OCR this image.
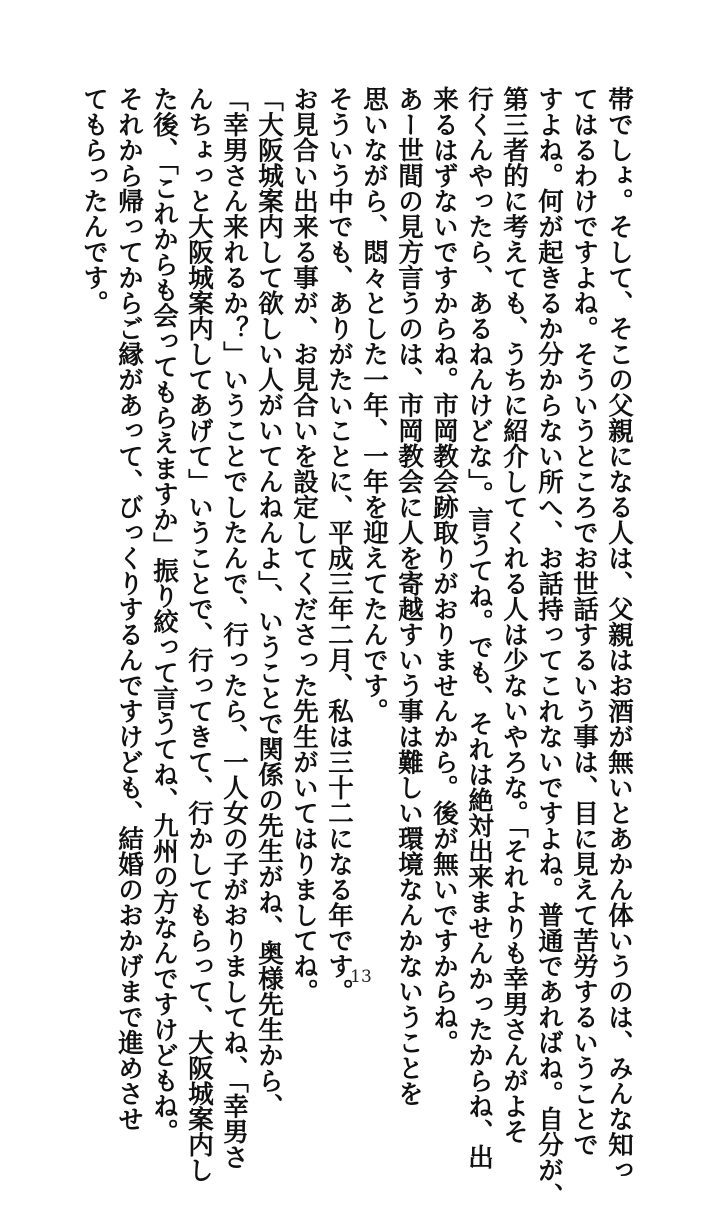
帯でしょ。そして、そこの父親になる人は、父親はお酒が無いとあかん体いうのは、みんな知っ
てはるわけですよね。そういうところでお世話するいう事は、目に見えて苦労するいうことで
すよね。何が起きるか分からない所へ、お話持ってこれないですよね。普通であればね。自分が、
第三者的に考えても、うちに紹介してくれる人は少ないやろな。「それよりも幸男さんがよそ
行くんやったら、あるねんけどな」。言うてね。でも、それは絶対出来ませんかったからね、出
来るはずないですからね。市岡教会跡取りがおりませんから。後が無いですからね。
あー世間の見方言うのは、市岡教会に人を寄越すいう事は難しい環境なんかないうことを
思いながら、悶々とした一年、一年を迎えてたんです。
そういう中でも、ありがたいことに、平成三年二月、私は三十二になる年です。
お見合い出来る事が、お見合いを設定してくださった先生がいてはりましてね。
「大阪城案内して欲しい人がいてんねんよ」、いうことで関係の先生がね、奥様先生から、
「幸男さん来れるか？」いうことでしたんで、行ったら、一人女の子がおりましてね、「幸男さ
んちょっと大阪城案内してあげて」いうことで、行ってきて、行かしてもらって、大阪城案内し
た後、「これからも会ってもらえますか」振り絞って言うてね、九州の方なんですけどもね。
それから帰ってからご縁があって、びっくりするんですけども、結婚のおかげまで進めさせ
てもらったんです。
13
